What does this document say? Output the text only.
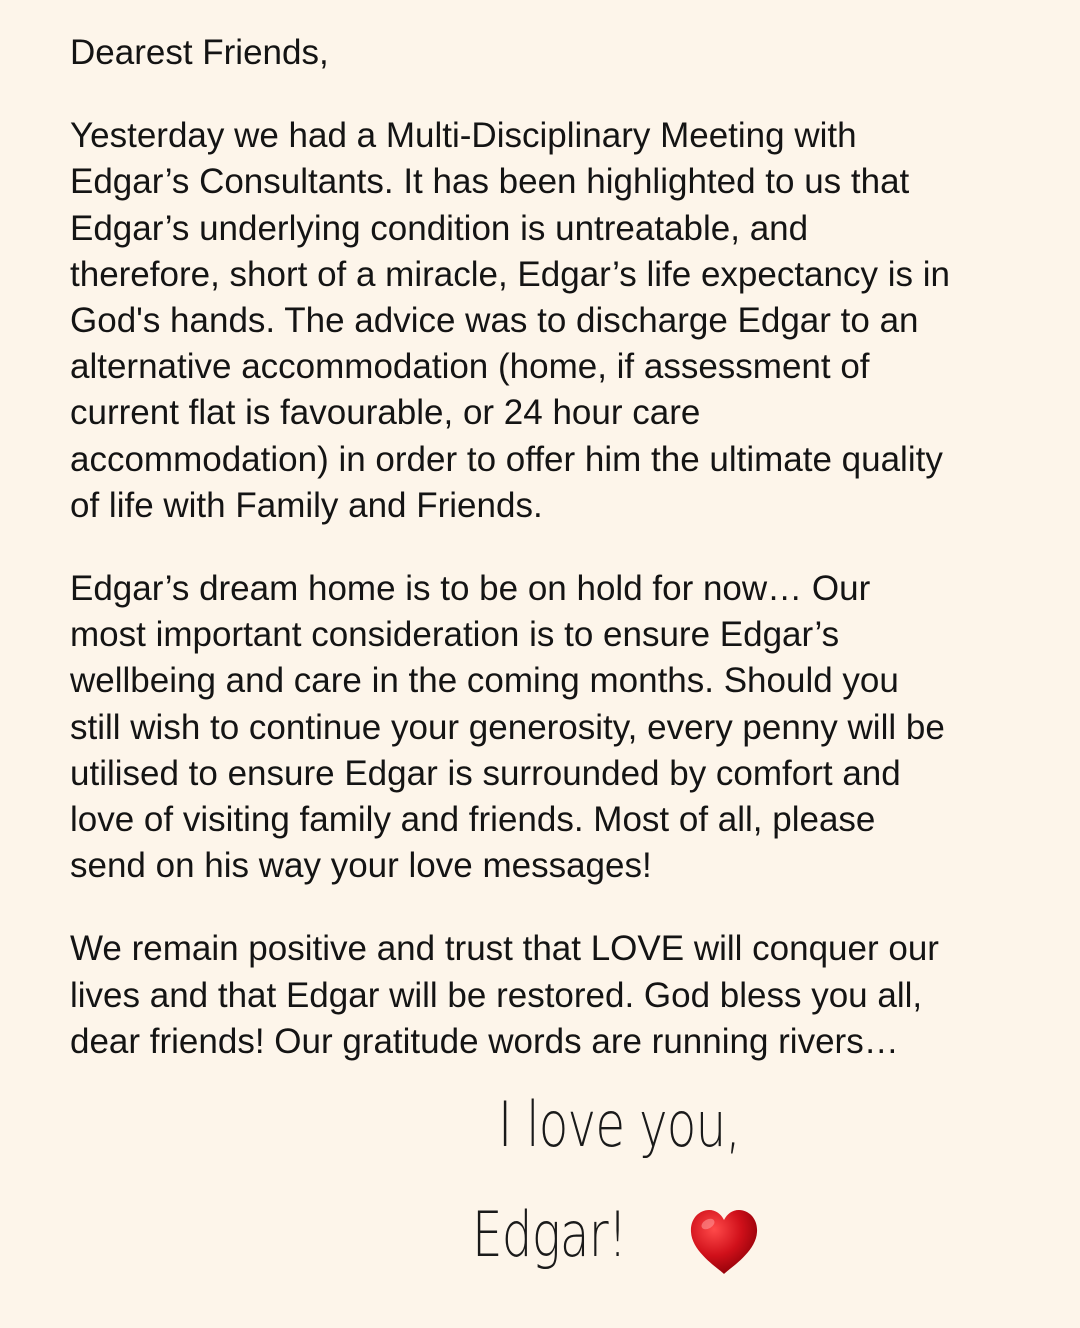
Dearest Friends,
Yesterday we had a Multi-Disciplinary Meeting with
Edgar’s Consultants. It has been highlighted to us that
Edgar’s underlying condition is untreatable, and
therefore, short of a miracle, Edgar’s life expectancy is in
God's hands. The advice was to discharge Edgar to an
alternative accommodation (home, if assessment of
current flat is favourable, or 24 hour care
accommodation) in order to offer him the ultimate quality
of life with Family and Friends.
Edgar’s dream home is to be on hold for now… Our
most important consideration is to ensure Edgar’s
wellbeing and care in the coming months. Should you
still wish to continue your generosity, every penny will be
utilised to ensure Edgar is surrounded by comfort and
love of visiting family and friends. Most of all, please
send on his way your love messages!
We remain positive and trust that LOVE will conquer our
lives and that Edgar will be restored. God bless you all,
dear friends! Our gratitude words are running rivers…
I love you,
Edgar!
